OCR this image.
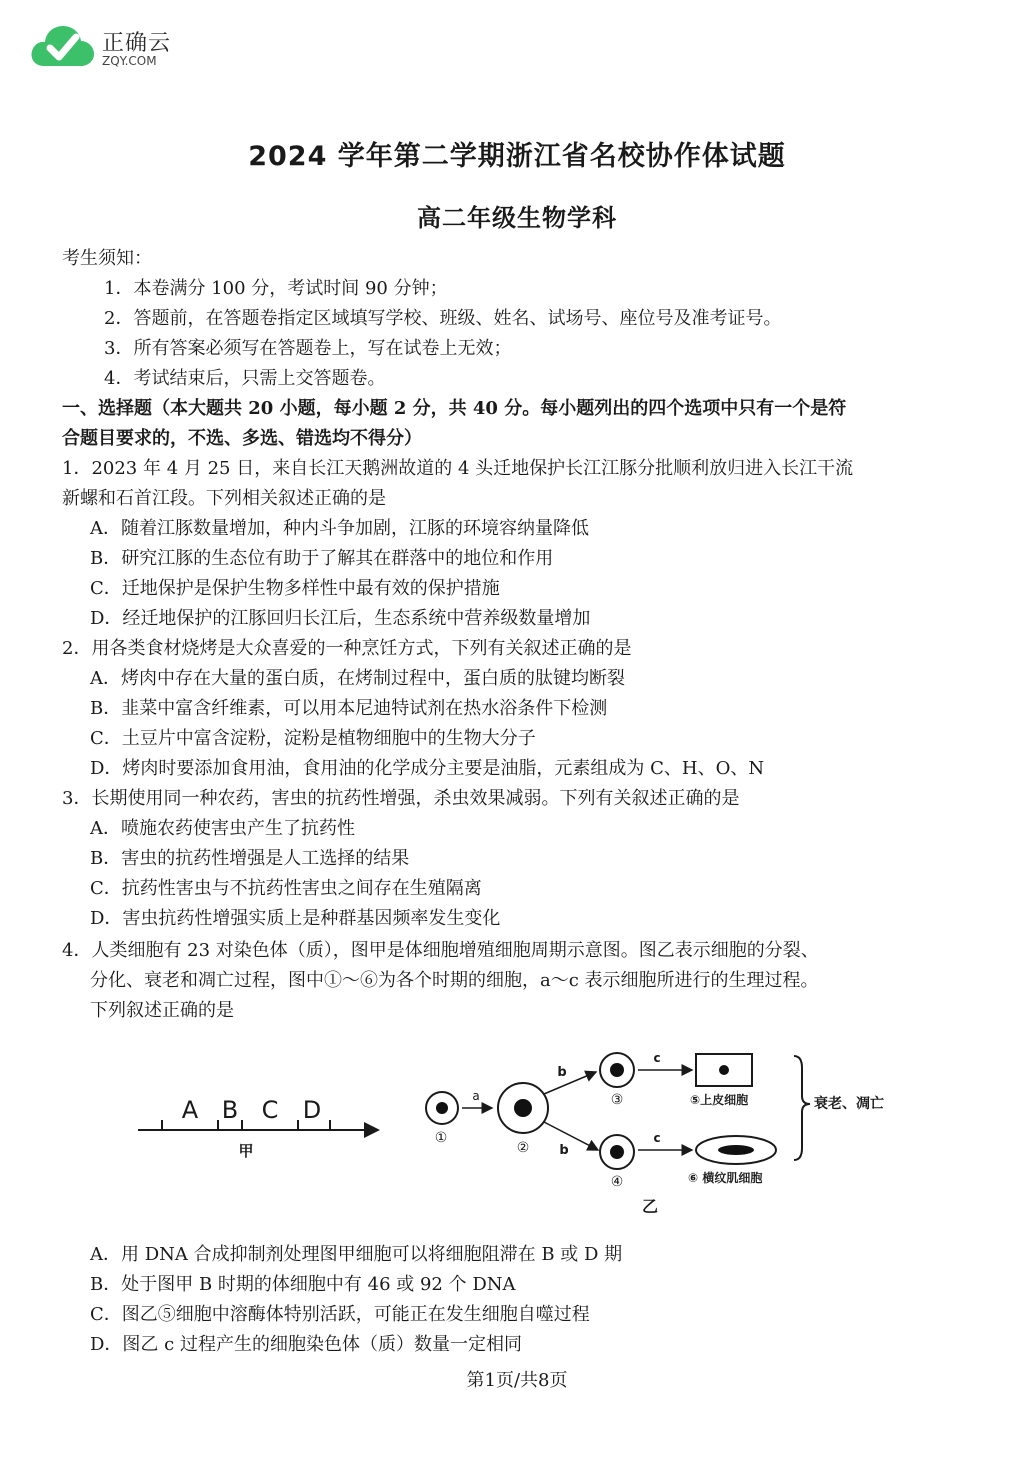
正确云
ZQY.COM
2024 学年第二学期浙江省名校协作体试题
高二年级生物学科
考生须知：
1．本卷满分 100 分，考试时间 90 分钟；
2．答题前，在答题卷指定区域填写学校、班级、姓名、试场号、座位号及准考证号。
3．所有答案必须写在答题卷上，写在试卷上无效；
4．考试结束后，只需上交答题卷。
一、选择题（本大题共 20 小题，每小题 2 分，共 40 分。每小题列出的四个选项中只有一个是符
合题目要求的，不选、多选、错选均不得分）
1．2023 年 4 月 25 日，来自长江天鹅洲故道的 4 头迁地保护长江江豚分批顺利放归进入长江干流
新螺和石首江段。下列相关叙述正确的是
A．随着江豚数量增加，种内斗争加剧，江豚的环境容纳量降低
B．研究江豚的生态位有助于了解其在群落中的地位和作用
C．迁地保护是保护生物多样性中最有效的保护措施
D．经迁地保护的江豚回归长江后，生态系统中营养级数量增加
2．用各类食材烧烤是大众喜爱的一种烹饪方式，下列有关叙述正确的是
A．烤肉中存在大量的蛋白质，在烤制过程中，蛋白质的肽键均断裂
B．韭菜中富含纤维素，可以用本尼迪特试剂在热水浴条件下检测
C．土豆片中富含淀粉，淀粉是植物细胞中的生物大分子
D．烤肉时要添加食用油，食用油的化学成分主要是油脂，元素组成为 C、H、O、N
3．长期使用同一种农药，害虫的抗药性增强，杀虫效果减弱。下列有关叙述正确的是
A．喷施农药使害虫产生了抗药性
B．害虫的抗药性增强是人工选择的结果
C．抗药性害虫与不抗药性害虫之间存在生殖隔离
D．害虫抗药性增强实质上是种群基因频率发生变化
4．人类细胞有 23 对染色体（质），图甲是体细胞增殖细胞周期示意图。图乙表示细胞的分裂、
分化、衰老和凋亡过程，图中①～⑥为各个时期的细胞，a～c 表示细胞所进行的生理过程。
下列叙述正确的是
A B C D
甲
①
a
②
b
b
③
④
c
c
⑤上皮细胞
⑥ 横纹肌细胞
衰老、凋亡
乙
A．用 DNA 合成抑制剂处理图甲细胞可以将细胞阻滞在 B 或 D 期
B．处于图甲 B 时期的体细胞中有 46 或 92 个 DNA
C．图乙⑤细胞中溶酶体特别活跃，可能正在发生细胞自噬过程
D．图乙 c 过程产生的细胞染色体（质）数量一定相同
第1页/共8页
